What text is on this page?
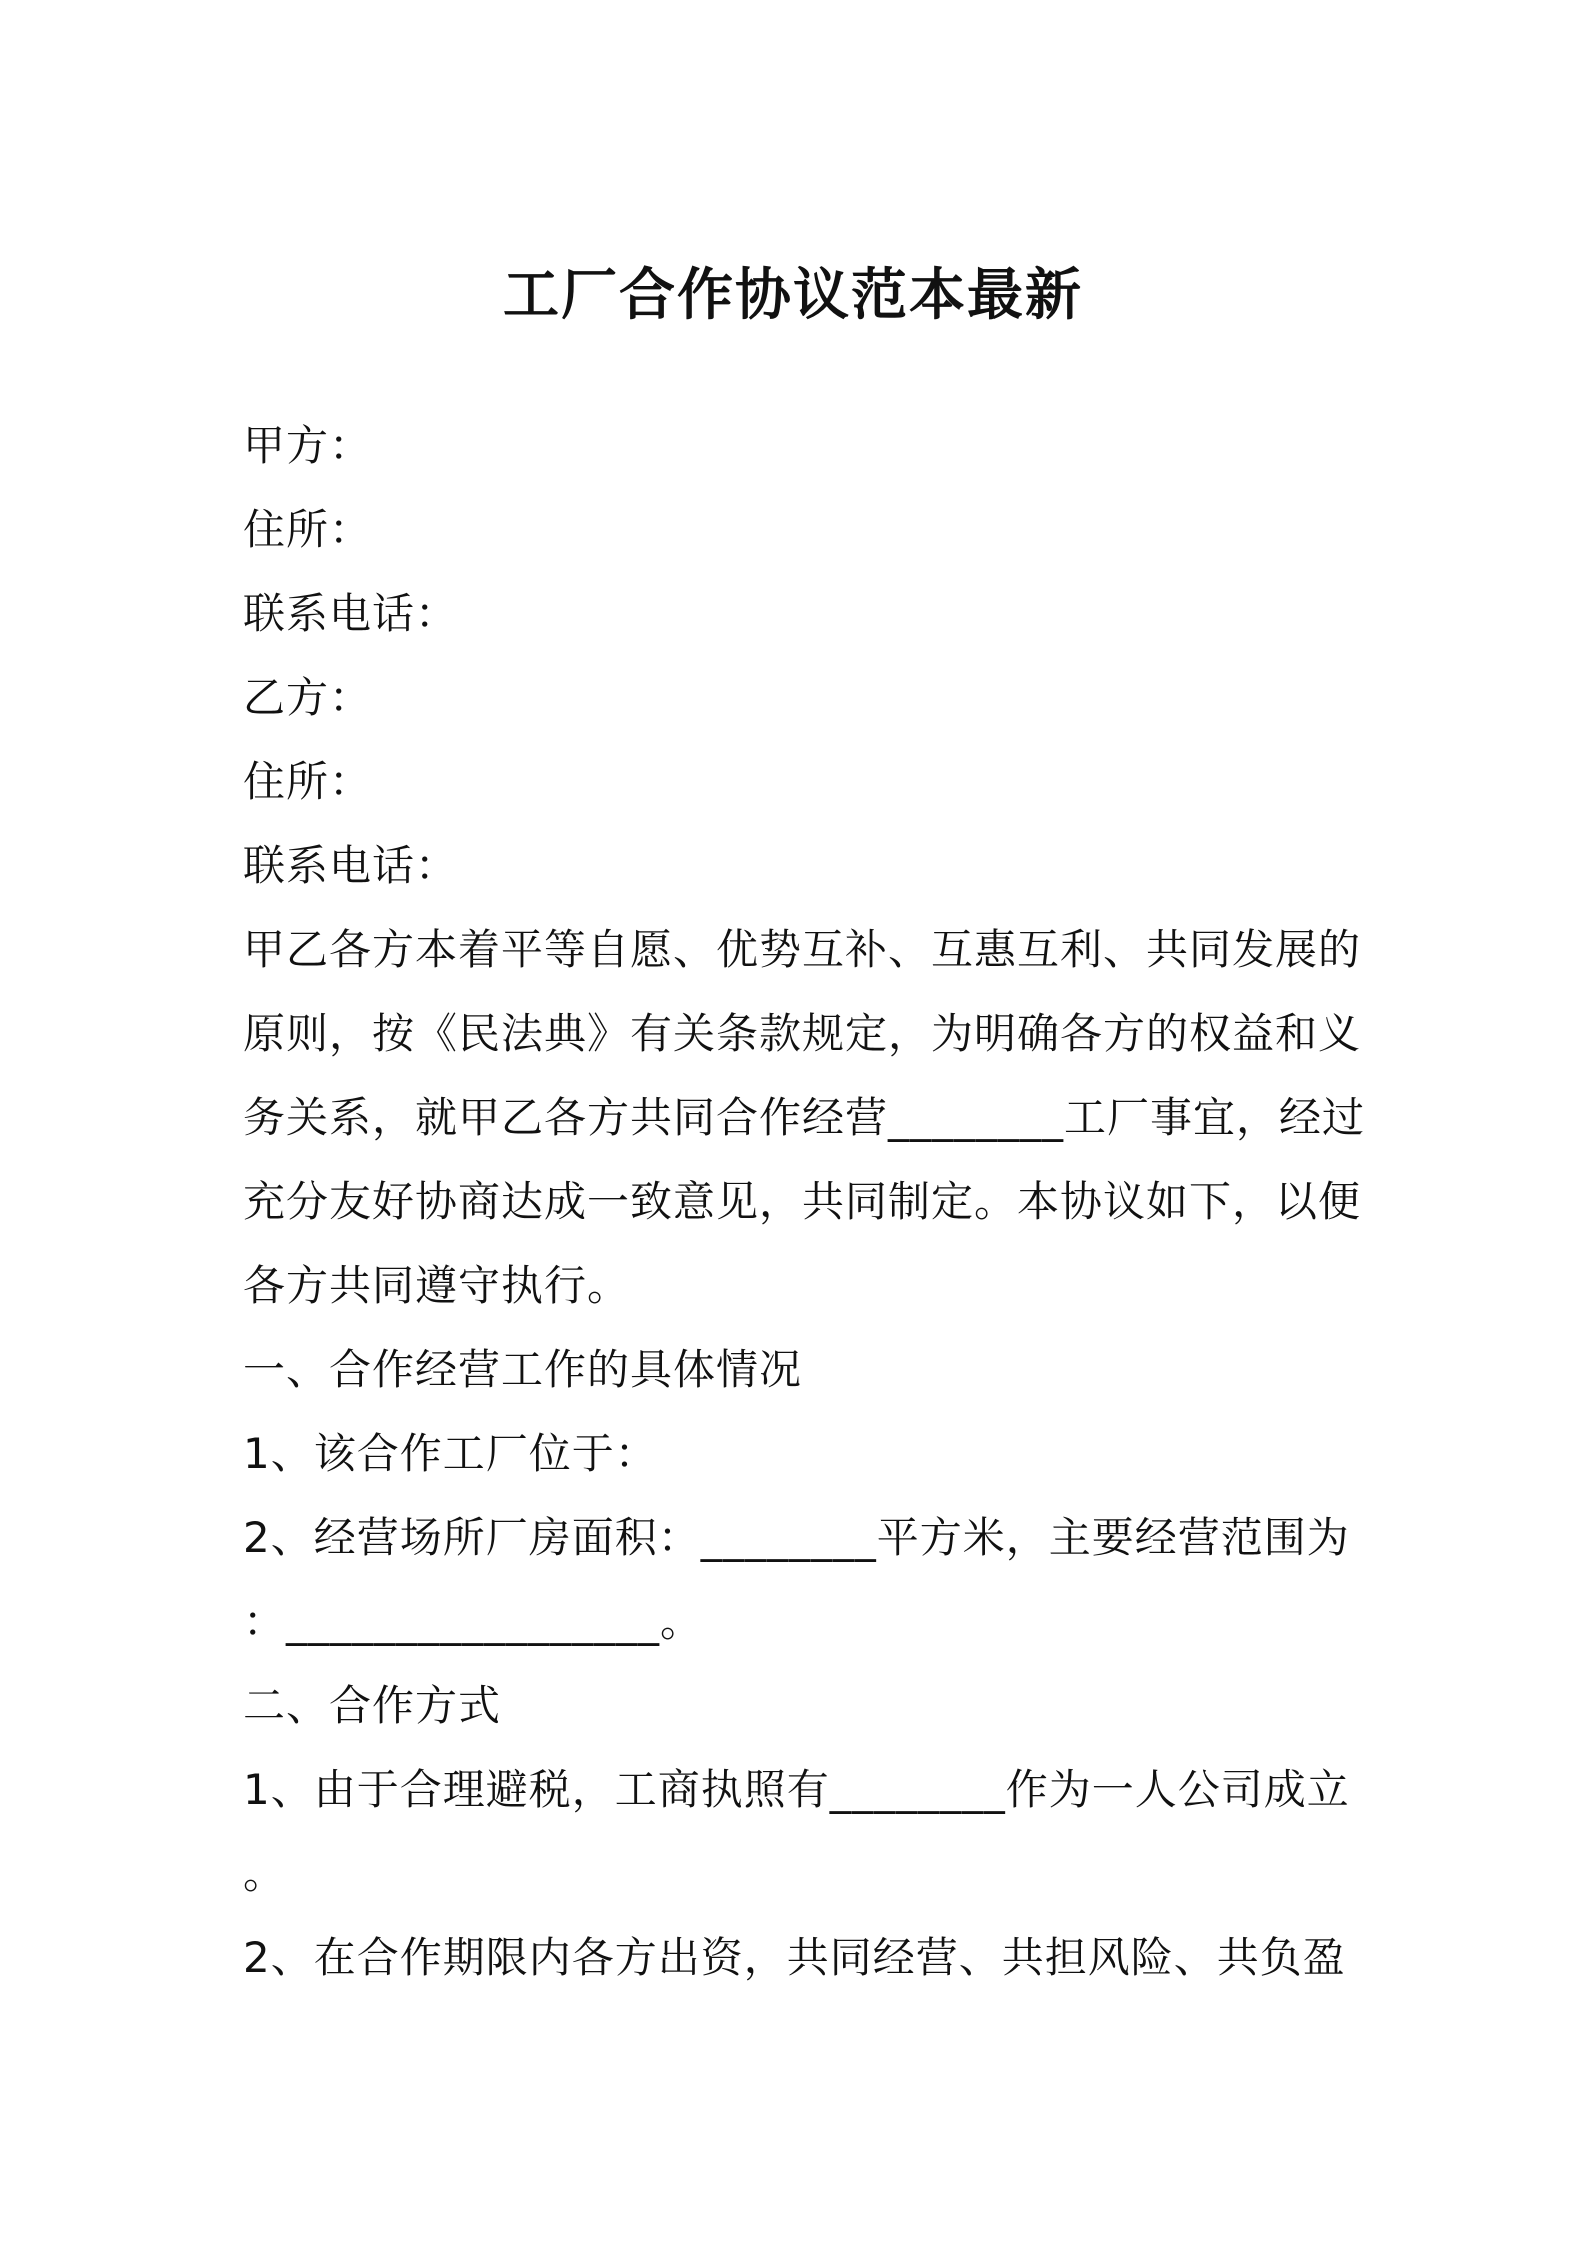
工厂合作协议范本最新
甲方：
住所：
联系电话：
乙方：
住所：
联系电话：
甲乙各方本着平等自愿、优势互补、互惠互利、共同发展的
原则，按《民法典》有关条款规定，为明确各方的权益和义
务关系，就甲乙各方共同合作经营________工厂事宜，经过
充分友好协商达成一致意见，共同制定。本协议如下，以便
各方共同遵守执行。
一、合作经营工作的具体情况
1、该合作工厂位于：
2、经营场所厂房面积：________平方米，主要经营范围为
：_________________。
二、合作方式
1、由于合理避税，工商执照有________作为一人公司成立
。
2、在合作期限内各方出资，共同经营、共担风险、共负盈
